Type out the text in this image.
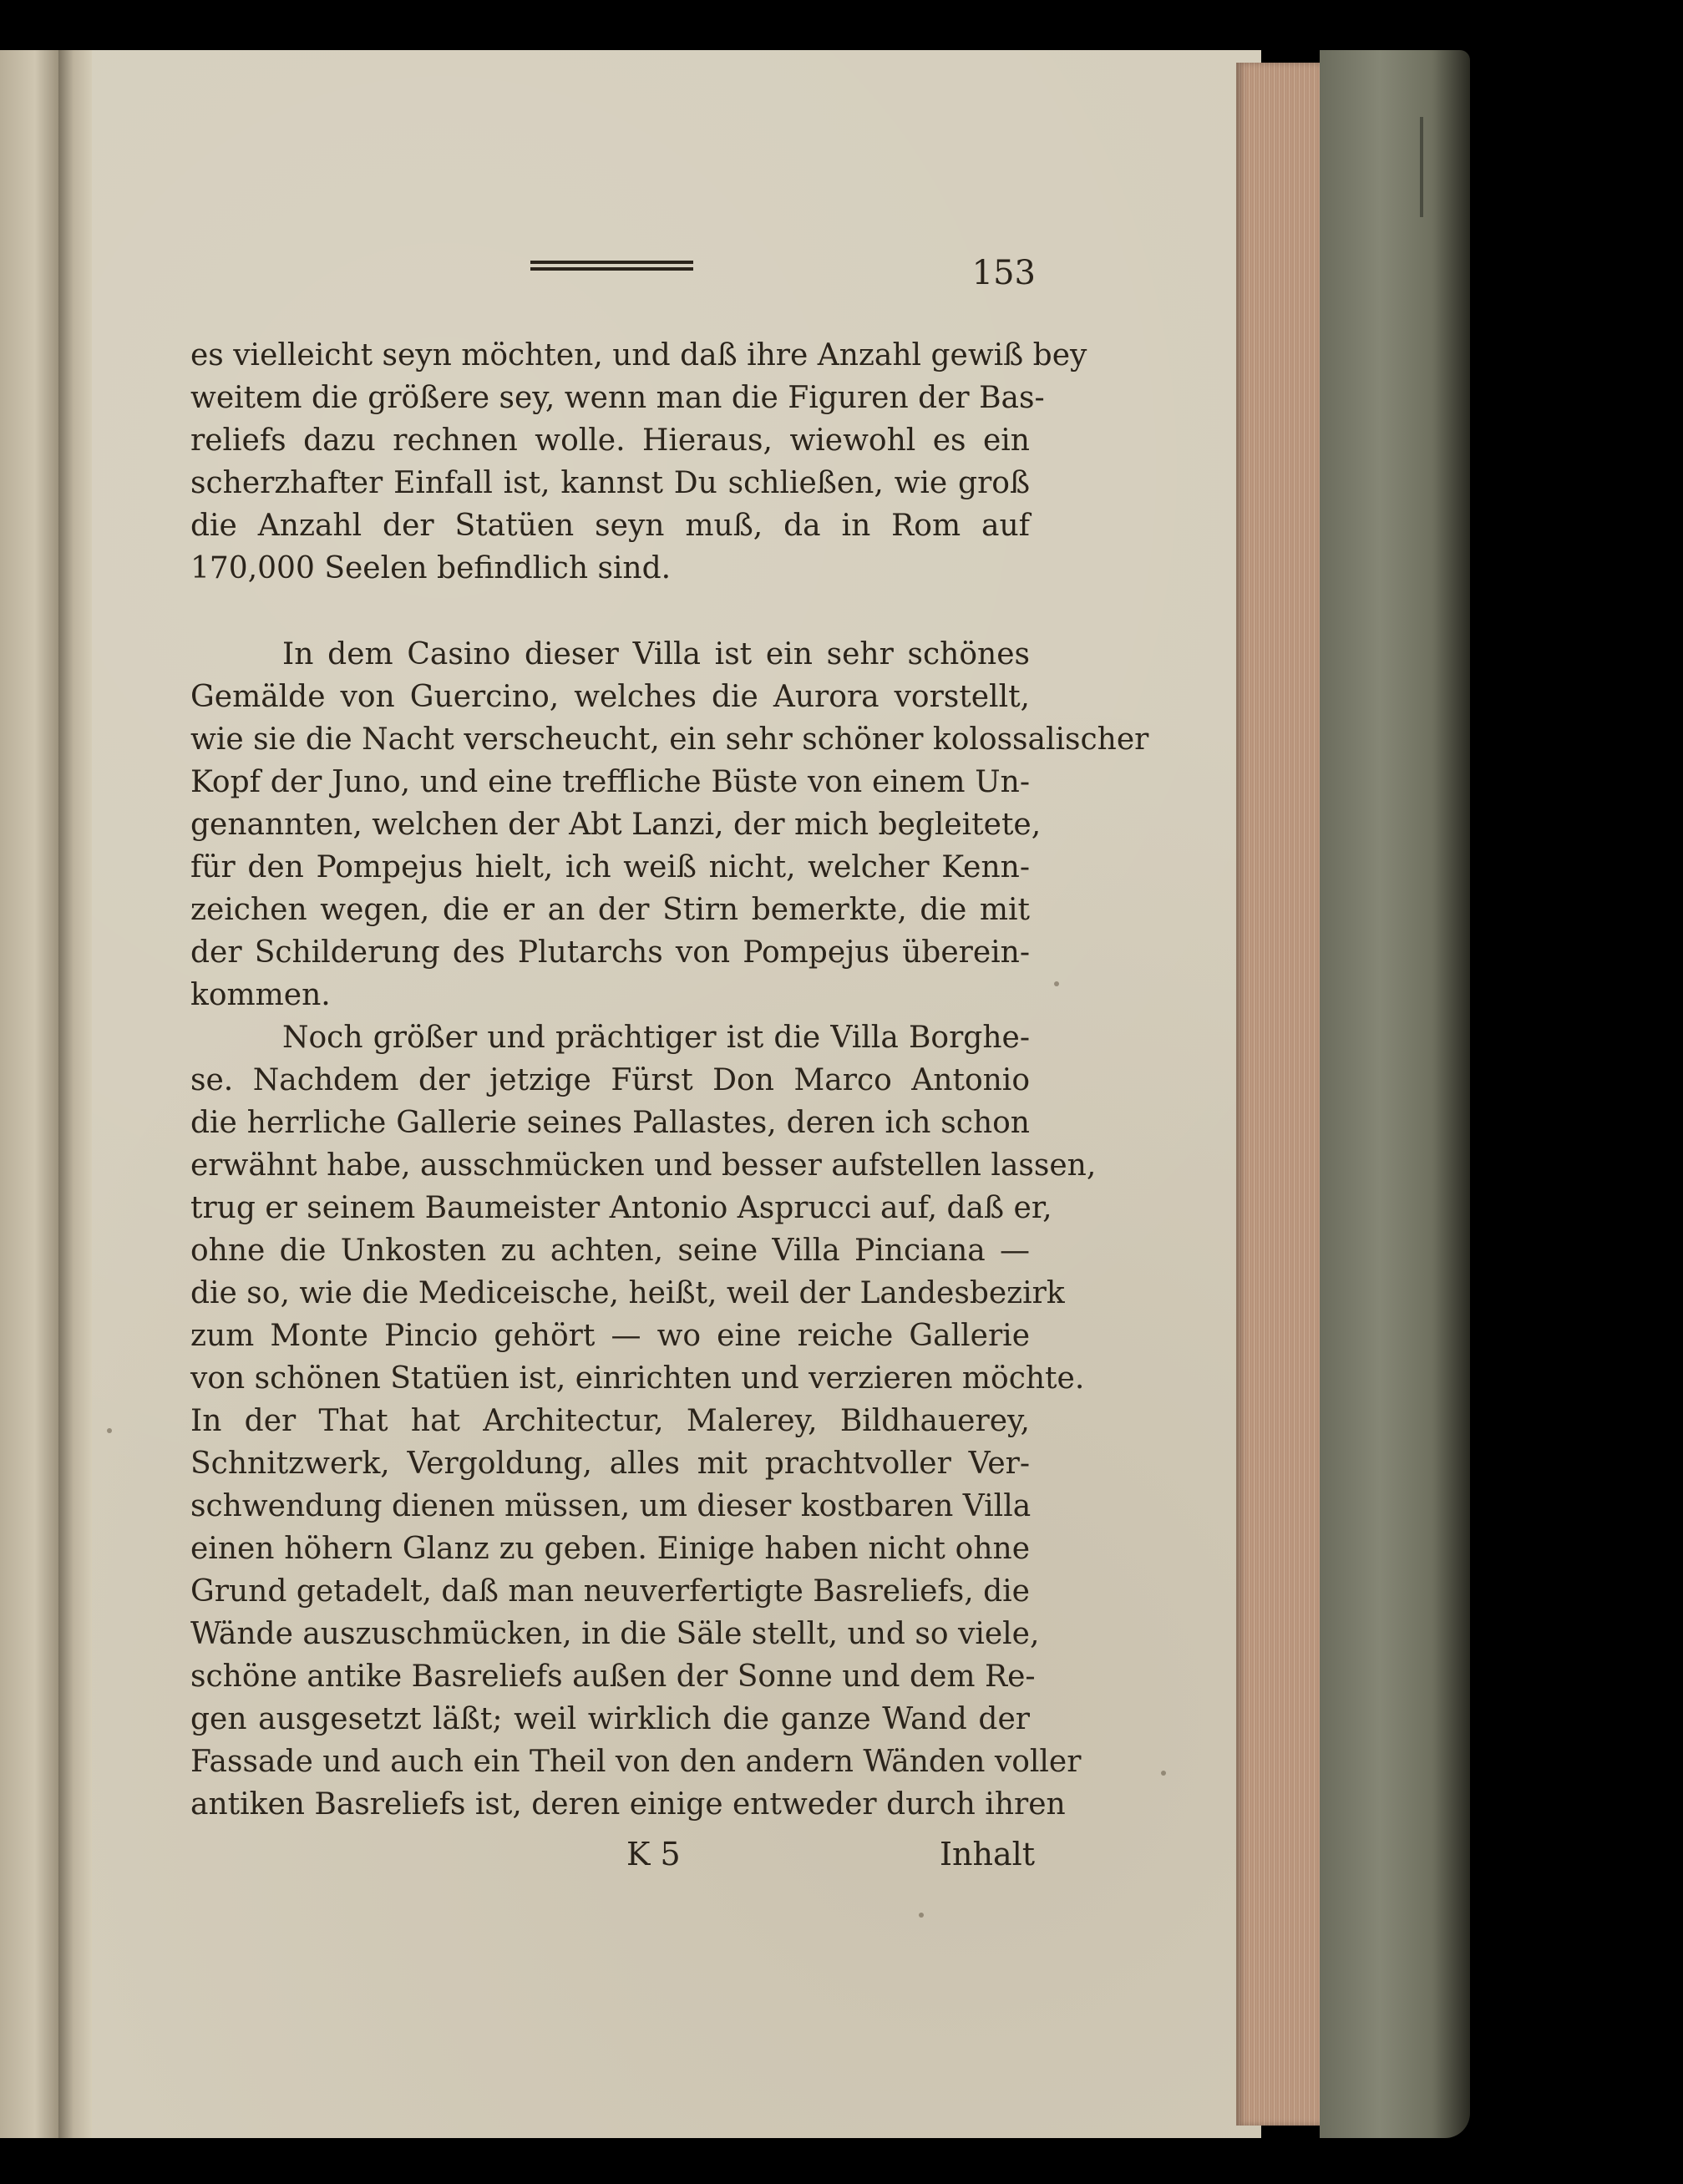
153
es vielleicht seyn möchten, und daß ihre Anzahl gewiß bey
weitem die größere sey, wenn man die Figuren der Bas-
reliefs dazu rechnen wolle. Hieraus, wiewohl es ein
scherzhafter Einfall ist, kannst Du schließen, wie groß
die Anzahl der Statüen seyn muß, da in Rom auf
170,000 Seelen befindlich sind.
In dem Casino dieser Villa ist ein sehr schönes
Gemälde von Guercino, welches die Aurora vorstellt,
wie sie die Nacht verscheucht, ein sehr schöner kolossalischer
Kopf der Juno, und eine treffliche Büste von einem Un-
genannten, welchen der Abt Lanzi, der mich begleitete,
für den Pompejus hielt, ich weiß nicht, welcher Kenn-
zeichen wegen, die er an der Stirn bemerkte, die mit
der Schilderung des Plutarchs von Pompejus überein-
kommen.
Noch größer und prächtiger ist die Villa Borghe-
se. Nachdem der jetzige Fürst Don Marco Antonio
die herrliche Gallerie seines Pallastes, deren ich schon
erwähnt habe, ausschmücken und besser aufstellen lassen,
trug er seinem Baumeister Antonio Asprucci auf, daß er,
ohne die Unkosten zu achten, seine Villa Pinciana —
die so, wie die Mediceische, heißt, weil der Landesbezirk
zum Monte Pincio gehört — wo eine reiche Gallerie
von schönen Statüen ist, einrichten und verzieren möchte.
In der That hat Architectur, Malerey, Bildhauerey,
Schnitzwerk, Vergoldung, alles mit prachtvoller Ver-
schwendung dienen müssen, um dieser kostbaren Villa
einen höhern Glanz zu geben. Einige haben nicht ohne
Grund getadelt, daß man neuverfertigte Basreliefs, die
Wände auszuschmücken, in die Säle stellt, und so viele,
schöne antike Basreliefs außen der Sonne und dem Re-
gen ausgesetzt läßt; weil wirklich die ganze Wand der
Fassade und auch ein Theil von den andern Wänden voller
antiken Basreliefs ist, deren einige entweder durch ihren
K 5	Inhalt
